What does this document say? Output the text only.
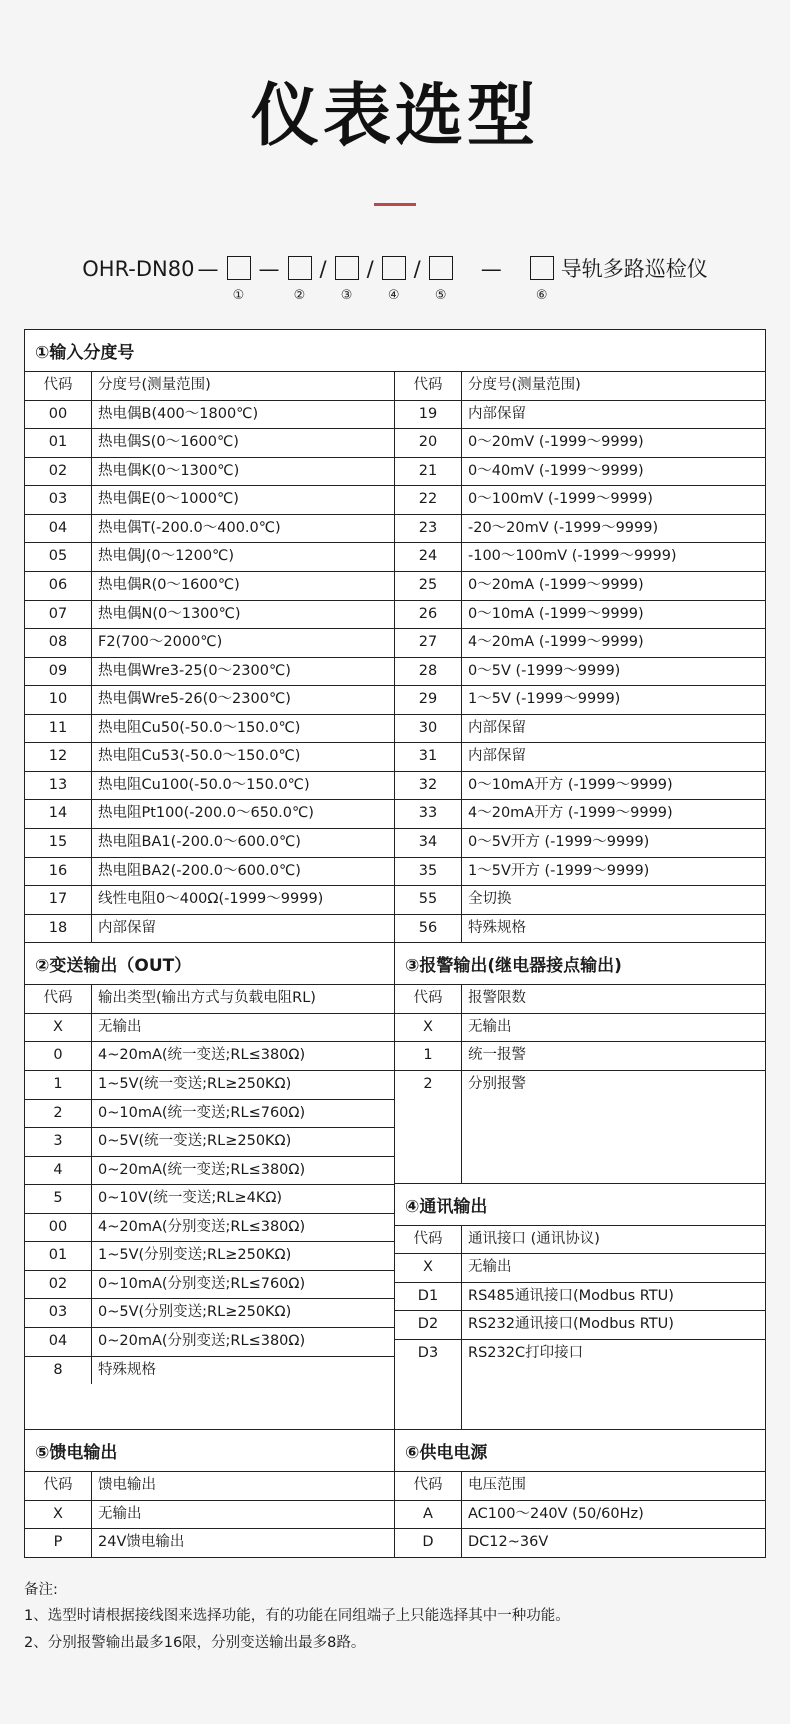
仪表选型
OHR-DN80 —
①
—
②
/
③
/
④
/
⑤
—
⑥
导轨多路巡检仪
①输入分度号
代码	分度号(测量范围)
00	热电偶B(400～1800℃)
01	热电偶S(0～1600℃)
02	热电偶K(0～1300℃)
03	热电偶E(0～1000℃)
04	热电偶T(-200.0～400.0℃)
05	热电偶J(0～1200℃)
06	热电偶R(0～1600℃)
07	热电偶N(0～1300℃)
08	F2(700～2000℃)
09	热电偶Wre3-25(0～2300℃)
10	热电偶Wre5-26(0～2300℃)
11	热电阻Cu50(-50.0～150.0℃)
12	热电阻Cu53(-50.0～150.0℃)
13	热电阻Cu100(-50.0～150.0℃)
14	热电阻Pt100(-200.0～650.0℃)
15	热电阻BA1(-200.0～600.0℃)
16	热电阻BA2(-200.0～600.0℃)
17	线性电阻0～400Ω(-1999～9999)
18	内部保留
代码	分度号(测量范围)
19	内部保留
20	0～20mV (-1999～9999)
21	0～40mV (-1999～9999)
22	0～100mV (-1999～9999)
23	-20～20mV (-1999～9999)
24	-100～100mV (-1999～9999)
25	0～20mA (-1999～9999)
26	0～10mA (-1999～9999)
27	4～20mA (-1999～9999)
28	0～5V (-1999～9999)
29	1～5V (-1999～9999)
30	内部保留
31	内部保留
32	0～10mA开方 (-1999～9999)
33	4～20mA开方 (-1999～9999)
34	0～5V开方 (-1999～9999)
35	1～5V开方 (-1999～9999)
55	全切换
56	特殊规格
②变送输出（OUT）
代码	输出类型(输出方式与负载电阻RL)
X	无输出
0	4~20mA(统一变送;RL≤380Ω)
1	1~5V(统一变送;RL≥250KΩ)
2	0~10mA(统一变送;RL≤760Ω)
3	0~5V(统一变送;RL≥250KΩ)
4	0~20mA(统一变送;RL≤380Ω)
5	0~10V(统一变送;RL≥4KΩ)
00	4~20mA(分别变送;RL≤380Ω)
01	1~5V(分别变送;RL≥250KΩ)
02	0~10mA(分别变送;RL≤760Ω)
03	0~5V(分别变送;RL≥250KΩ)
04	0~20mA(分别变送;RL≤380Ω)
8	特殊规格
③报警输出(继电器接点输出)
代码	报警限数
X	无输出
1	统一报警
2	分别报警

④通讯输出
代码	通讯接口 (通讯协议)
X	无输出
D1	RS485通讯接口(Modbus RTU)
D2	RS232通讯接口(Modbus RTU)
D3	RS232C打印接口

⑤馈电输出
代码	馈电输出
X	无输出
P	24V馈电输出
⑥供电电源
代码	电压范围
A	AC100～240V (50/60Hz)
D	DC12~36V
备注:
1、选型时请根据接线图来选择功能，有的功能在同组端子上只能选择其中一种功能。
2、分别报警输出最多16限，分别变送输出最多8路。
